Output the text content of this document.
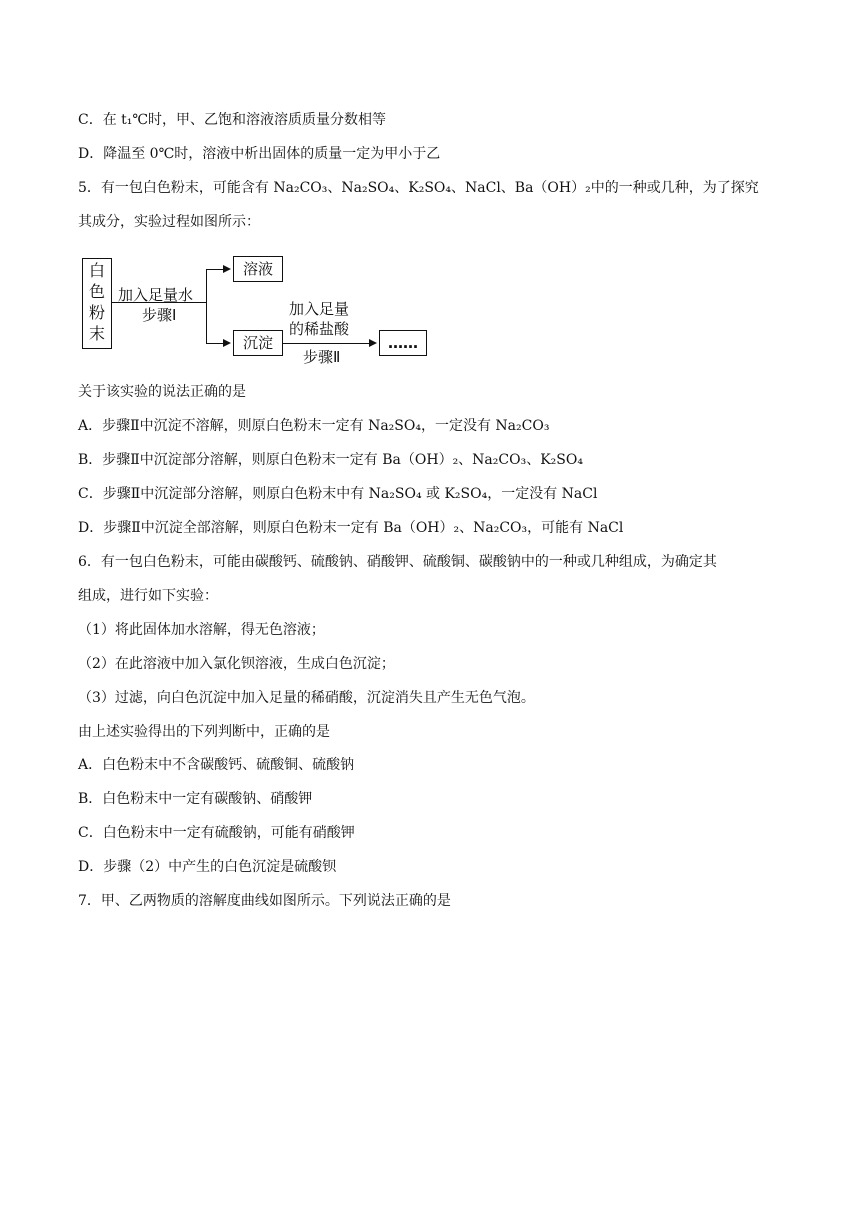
C．在 t₁℃时，甲、乙饱和溶液溶质质量分数相等
D．降温至 0℃时，溶液中析出固体的质量一定为甲小于乙
5．有一包白色粉末，可能含有 Na₂CO₃、Na₂SO₄、K₂SO₄、NaCl、Ba（OH）₂中的一种或几种，为了探究
其成分，实验过程如图所示：
白
色
粉
末
加入足量水
步骤Ⅰ
溶液
沉淀
加入足量
的稀盐酸
步骤Ⅱ
……
关于该实验的说法正确的是
A．步骤Ⅱ中沉淀不溶解，则原白色粉末一定有 Na₂SO₄，一定没有 Na₂CO₃
B．步骤Ⅱ中沉淀部分溶解，则原白色粉末一定有 Ba（OH）₂、Na₂CO₃、K₂SO₄
C．步骤Ⅱ中沉淀部分溶解，则原白色粉末中有 Na₂SO₄ 或 K₂SO₄，一定没有 NaCl
D．步骤Ⅱ中沉淀全部溶解，则原白色粉末一定有 Ba（OH）₂、Na₂CO₃，可能有 NaCl
6．有一包白色粉末，可能由碳酸钙、硫酸钠、硝酸钾、硫酸铜、碳酸钠中的一种或几种组成，为确定其
组成，进行如下实验：
（1）将此固体加水溶解，得无色溶液；
（2）在此溶液中加入氯化钡溶液，生成白色沉淀；
（3）过滤，向白色沉淀中加入足量的稀硝酸，沉淀消失且产生无色气泡。
由上述实验得出的下列判断中，正确的是
A．白色粉末中不含碳酸钙、硫酸铜、硫酸钠
B．白色粉末中一定有碳酸钠、硝酸钾
C．白色粉末中一定有硫酸钠，可能有硝酸钾
D．步骤（2）中产生的白色沉淀是硫酸钡
7．甲、乙两物质的溶解度曲线如图所示。下列说法正确的是
